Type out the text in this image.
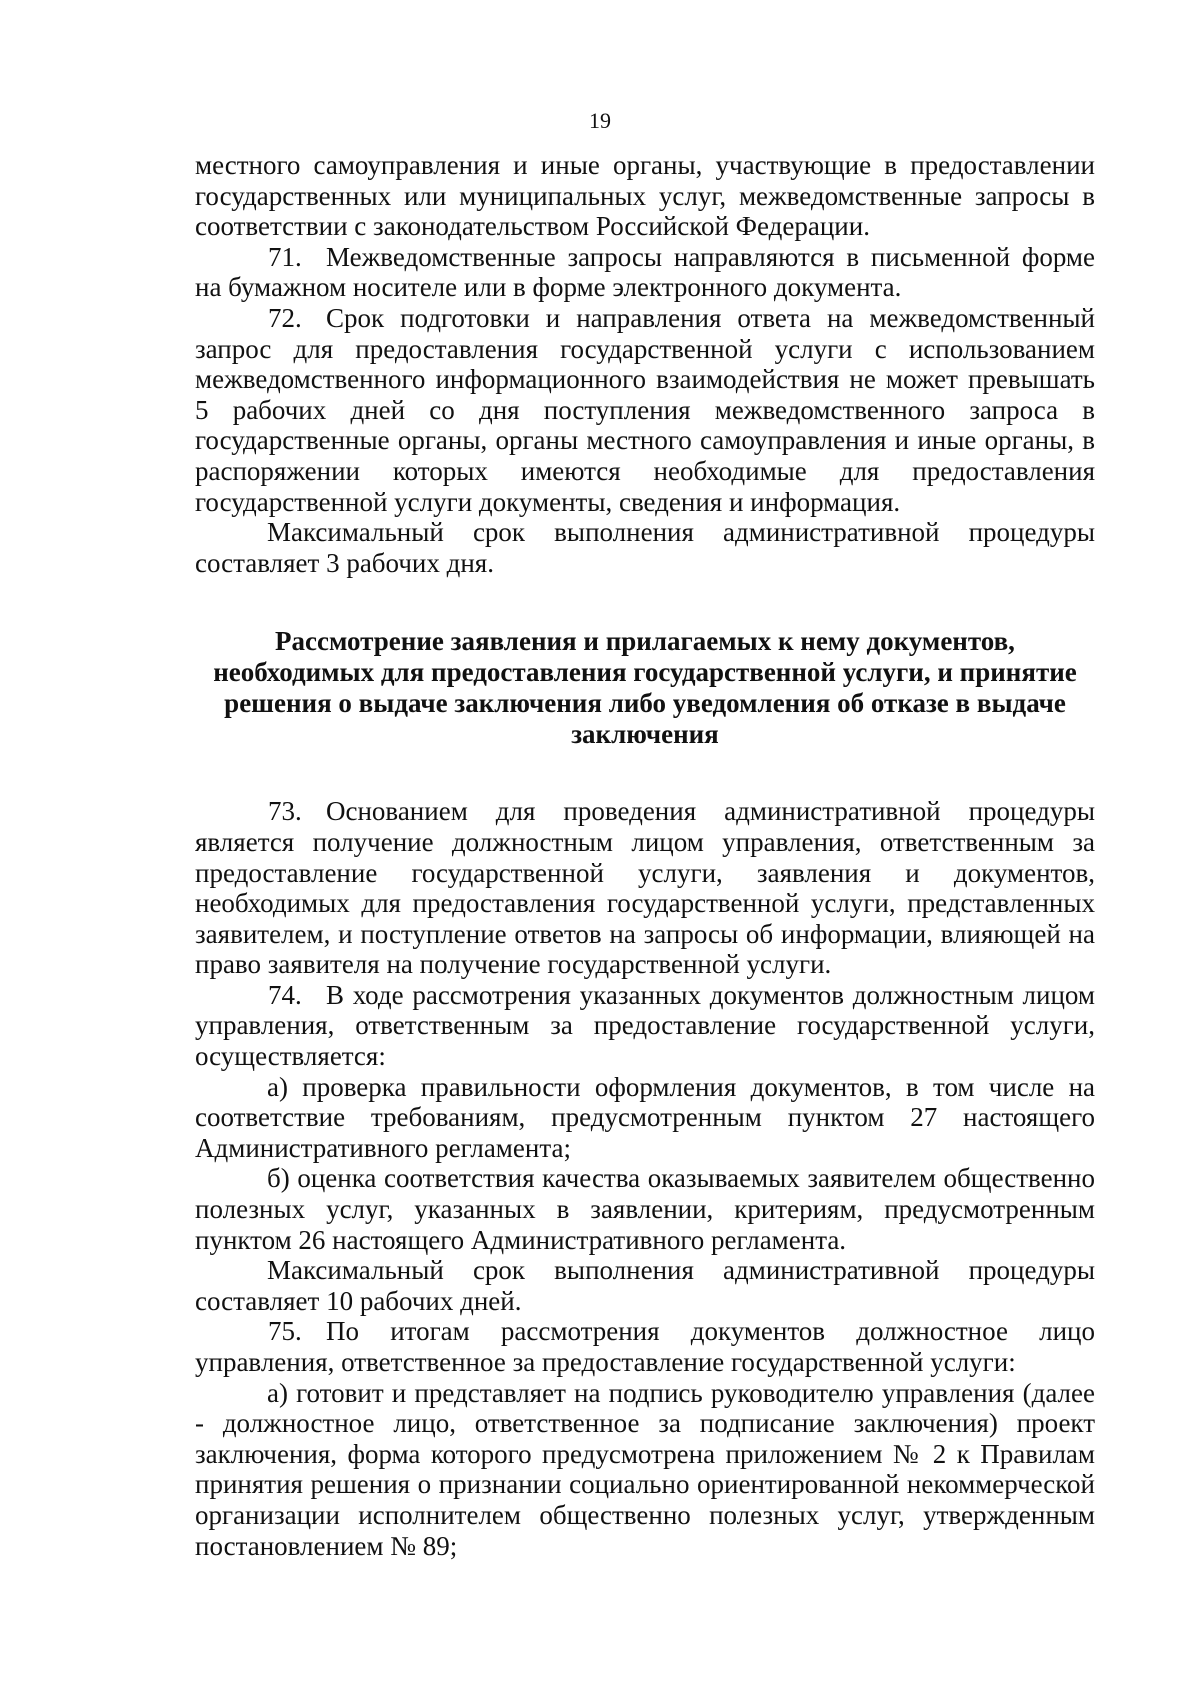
19

местного самоуправления и иные органы, участвующие в предоставлении государственных или муниципальных услуг, межведомственные запросы в соответствии с законодательством Российской Федерации.

71. Межведомственные запросы направляются в письменной форме на бумажном носителе или в форме электронного документа.

72. Срок подготовки и направления ответа на межведомственный запрос для предоставления государственной услуги с использованием межведомственного информационного взаимодействия не может превышать 5 рабочих дней со дня поступления межведомственного запроса в государственные органы, органы местного самоуправления и иные органы, в распоряжении которых имеются необходимые для предоставления государственной услуги документы, сведения и информация.

Максимальный срок выполнения административной процедуры составляет 3 рабочих дня.

Рассмотрение заявления и прилагаемых к нему документов, необходимых для предоставления государственной услуги, и принятие решения о выдаче заключения либо уведомления об отказе в выдаче заключения

73. Основанием для проведения административной процедуры является получение должностным лицом управления, ответственным за предоставление государственной услуги, заявления и документов, необходимых для предоставления государственной услуги, представленных заявителем, и поступление ответов на запросы об информации, влияющей на право заявителя на получение государственной услуги.

74. В ходе рассмотрения указанных документов должностным лицом управления, ответственным за предоставление государственной услуги, осуществляется:

а) проверка правильности оформления документов, в том числе на соответствие требованиям, предусмотренным пунктом 27 настоящего Административного регламента;

б) оценка соответствия качества оказываемых заявителем общественно полезных услуг, указанных в заявлении, критериям, предусмотренным пунктом 26 настоящего Административного регламента.

Максимальный срок выполнения административной процедуры составляет 10 рабочих дней.

75. По итогам рассмотрения документов должностное лицо управления, ответственное за предоставление государственной услуги:

а) готовит и представляет на подпись руководителю управления (далее - должностное лицо, ответственное за подписание заключения) проект заключения, форма которого предусмотрена приложением № 2 к Правилам принятия решения о признании социально ориентированной некоммерческой организации исполнителем общественно полезных услуг, утвержденным постановлением № 89;
